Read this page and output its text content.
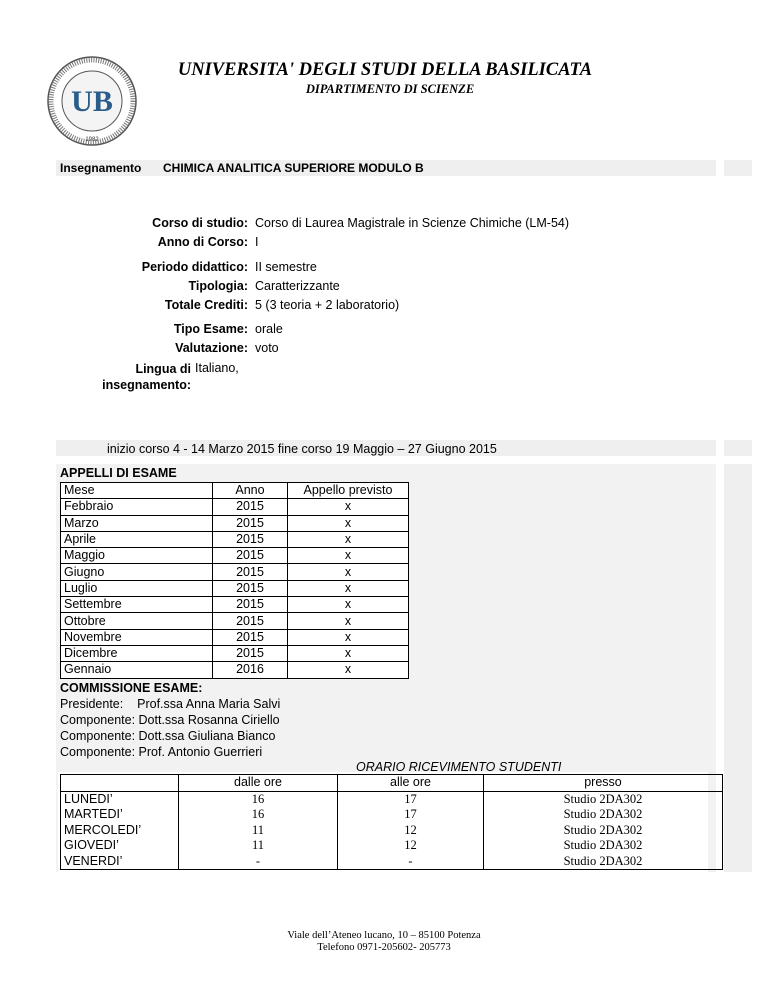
UB
1982
UNIVERSITA' DEGLI STUDI DELLA BASILICATA
DIPARTIMENTO DI SCIENZE
Insegnamento CHIMICA ANALITICA SUPERIORE MODULO B
Corso di studio: Corso di Laurea Magistrale in Scienze Chimiche (LM-54)
Anno di Corso: I
Periodo didattico: II semestre
Tipologia: Caratterizzante
Totale Crediti: 5 (3 teoria + 2 laboratorio)
Tipo Esame: orale
Valutazione: voto
Lingua di
insegnamento:
Italiano,
inizio corso 4 - 14 Marzo 2015 fine corso 19 Maggio – 27 Giugno 2015
APPELLI DI ESAME
Mese	Anno	Appello previsto
Febbraio	2015	x
Marzo	2015	x
Aprile	2015	x
Maggio	2015	x
Giugno	2015	x
Luglio	2015	x
Settembre	2015	x
Ottobre	2015	x
Novembre	2015	x
Dicembre	2015	x
Gennaio	2016	x
COMMISSIONE ESAME:
Presidente:    Prof.ssa Anna Maria Salvi
Componente: Dott.ssa Rosanna Ciriello
Componente: Dott.ssa Giuliana Bianco
Componente: Prof. Antonio Guerrieri
ORARIO RICEVIMENTO STUDENTI
	dalle ore	alle ore	presso
LUNEDI’	16	17	Studio 2DA302
MARTEDI’	16	17	Studio 2DA302
MERCOLEDI’	11	12	Studio 2DA302
GIOVEDI’	11	12	Studio 2DA302
VENERDI’	-	-	Studio 2DA302
Viale dell’Ateneo lucano, 10 – 85100 Potenza
Telefono 0971-205602- 205773
